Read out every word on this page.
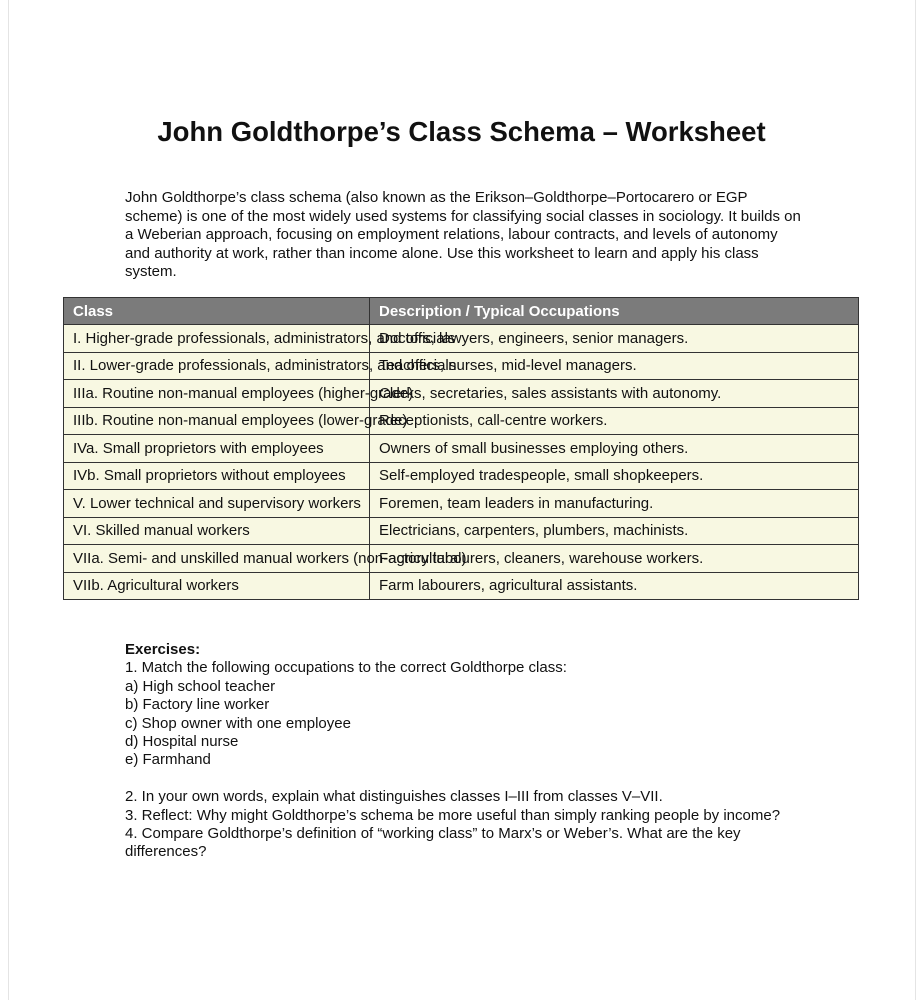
John Goldthorpe’s Class Schema – Worksheet

John Goldthorpe’s class schema (also known as the Erikson–Goldthorpe–Portocarero or EGP scheme) is one of the most widely used systems for classifying social classes in sociology. It builds on a Weberian approach, focusing on employment relations, labour contracts, and levels of autonomy and authority at work, rather than income alone. Use this worksheet to learn and apply his class system.

Class	Description / Typical Occupations
I. Higher-grade professionals, administrators, and officials	Doctors, lawyers, engineers, senior managers.
II. Lower-grade professionals, administrators, and officials	Teachers, nurses, mid-level managers.
IIIa. Routine non-manual employees (higher-grade)	Clerks, secretaries, sales assistants with autonomy.
IIIb. Routine non-manual employees (lower-grade)	Receptionists, call-centre workers.
IVa. Small proprietors with employees	Owners of small businesses employing others.
IVb. Small proprietors without employees	Self-employed tradespeople, small shopkeepers.
V. Lower technical and supervisory workers	Foremen, team leaders in manufacturing.
VI. Skilled manual workers	Electricians, carpenters, plumbers, machinists.
VIIa. Semi- and unskilled manual workers (non-agricultural)	Factory labourers, cleaners, warehouse workers.
VIIb. Agricultural workers	Farm labourers, agricultural assistants.
Exercises:
1. Match the following occupations to the correct Goldthorpe class:
a) High school teacher
b) Factory line worker
c) Shop owner with one employee
d) Hospital nurse
e) Farmhand
2. In your own words, explain what distinguishes classes I–III from classes V–VII.
3. Reflect: Why might Goldthorpe’s schema be more useful than simply ranking people by income?
4. Compare Goldthorpe’s definition of “working class” to Marx’s or Weber’s. What are the key differences?
